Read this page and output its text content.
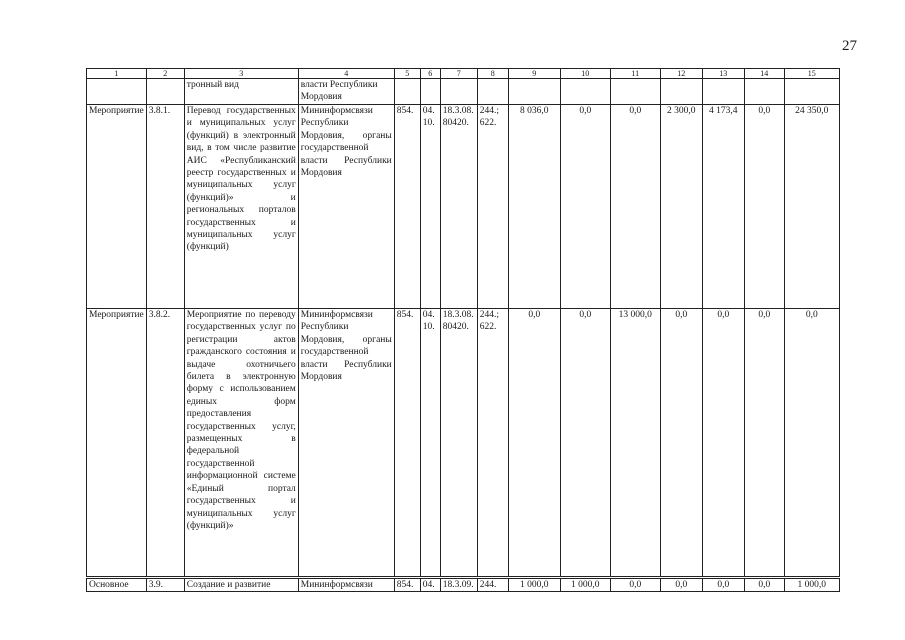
27
1	2	3	4	5	6	7	8	9	10	11	12	13	14	15
		тронный вид	власти Республики Мордовия											
Мероприятие	3.8.1.	Перевод государственных и муниципальных услуг (функций) в электронный вид, в том числе развитие АИС «Республиканский реестр государственных и муниципальных услуг (функций)» и региональных порталов государственных и муниципальных услуг (функций)	Мининформсвязи Республики Мордовия, органы государственной власти Республики Мордовия	854.	04. 10.	18.3.08. 80420.	244.; 622.	8 036,0	0,0	0,0	2 300,0	4 173,4	0,0	24 350,0
Мероприятие	3.8.2.	Мероприятие по переводу государственных услуг по регистрации актов гражданского состояния и выдаче охотничьего билета в электронную форму с использованием единых форм предоставления государственных услуг, размещенных в федеральной государственной информационной системе «Единый портал государственных и муниципальных услуг (функций)»	Мининформсвязи Республики Мордовия, органы государственной власти Республики Мордовия	854.	04. 10.	18.3.08. 80420.	244.; 622.	0,0	0,0	13 000,0	0,0	0,0	0,0	0,0
Основное	3.9.	Создание и развитие	Мининформсвязи	854.	04.	18.3.09.	244.	1 000,0	1 000,0	0,0	0,0	0,0	0,0	1 000,0
